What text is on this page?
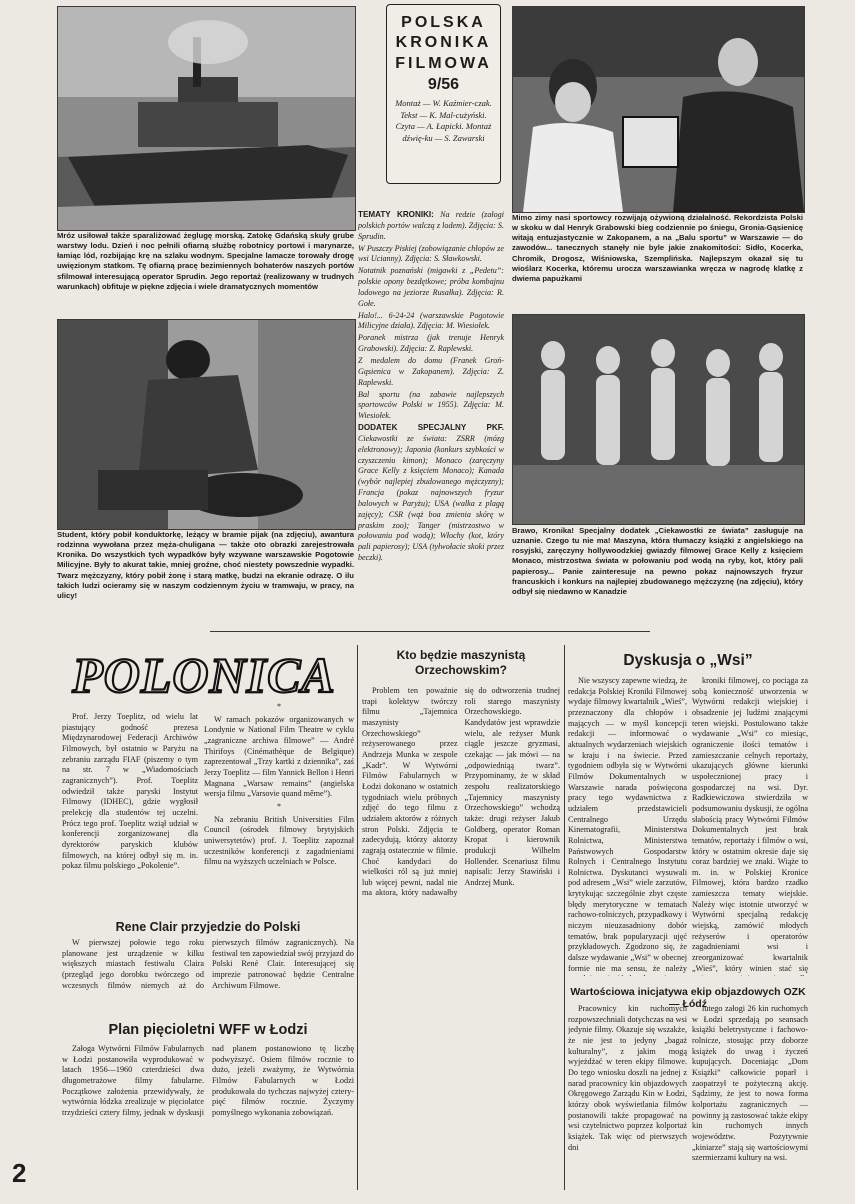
POLSKA
KRONIKA
FILMOWA
9/56
Montaż — W. Kaźmier-czak. Tekst — K. Mal-cużyński. Czyta — A. Łapicki. Montaż dźwię-ku — S. Zawarski
Mróz usiłował także sparaliżować żeglugę morską. Zatokę Gdańską skuły grube warstwy lodu. Dzień i noc pełnili ofiarną służbę robotnicy portowi i marynarze, łamiąc lód, rozbijając krę na szlaku wodnym. Specjalne lamacze torowały drogę uwięzionym statkom. Tę ofiarną pracę bezimiennych bohaterów naszych portów sfilmował interesującą operator Sprudin. Jego reportaż (realizowany w trudnych warunkach) obfituje w piękne zdjęcia i wiele dramatycznych momentów
Mimo zimy nasi sportowcy rozwijają ożywioną działalność. Rekordzista Polski w skoku w dal Henryk Grabowski bieg codziennie po śniegu, Gronia-Gąsienicę witają entuzjastycznie w Zakopanem, a na „Balu sportu” w Warszawie — do zawodów... tanecznych stanęły nie byle jakie znakomitości: Sidło, Kocerka, Chromik, Drogosz, Wiśniowska, Szemplińska. Najlepszym okazał się tu wioślarz Kocerka, któremu urocza warszawianka wręcza w nagrodę klatkę z dwiema papużkami
Student, który pobił konduktorkę, leżący w bramie pijak (na zdjęciu), awantura rodzinna wywołana przez męża-chuligana — także oto obrazki zarejestrowała Kronika. Do wszystkich tych wypadków były wzywane warszawskie Pogotowie Milicyjne. Były to akurat takie, mniej groźne, choć niestety powszednie wypadki. Twarz mężczyzny, który pobił żonę i starą matkę, budzi na ekranie odrazę. O ilu takich ludzi ocieramy się w naszym codziennym życiu w tramwaju, w pracy, na ulicy!
Brawo, Kronika! Specjalny dodatek „Ciekawostki ze świata” zasługuje na uznanie. Czego tu nie ma! Maszyna, która tłumaczy książki z angielskiego na rosyjski, zaręczyny hollywoodzkiej gwiazdy filmowej Grace Kelly z księciem Monaco, mistrzostwa świata w połowaniu pod wodą na ryby, kot, który pali papierosy... Panie zainteresuje na pewno pokaz najnowszych fryzur francuskich i konkurs na najlepiej zbudowanego mężczyznę (na zdjęciu), który odbył się niedawno w Kanadzie

TEMATY KRONIKI: Na redzie (załogi polskich portów walczą z lodem). Zdjęcia: S. Sprudin.

W Puszczy Piskiej (zobowiązanie chłopów ze wsi Ucianny). Zdjęcia: S. Sławkowski.

Notatnik poznański (migawki z „Pedetu”: polskie opony bezdętkowe; próba kombajnu lodowego na jeziorze Rusałka). Zdjęcia: R. Gołe.

Halo!... 6-24-24 (warszawskie Pogotowie Milicyjne działa). Zdjęcia: M. Wiesiołek.

Poranek mistrza (jak trenuje Henryk Grabowski). Zdjęcia: Z. Raplewski.

Z medalem do domu (Franek Groń-Gąsienica w Zakopanem). Zdjęcia: Z. Raplewski.

Bal sportu (na zabawie najlepszych sportowców Polski w 1955). Zdjęcia: M. Wiesiołek.

DODATEK SPECJALNY PKF. Ciekawostki ze świata: ZSRR (mózg elektronowy); Japonia (konkurs szybkości w czyszczeniu kimon); Monaco (zaręczyny Grace Kelly z księciem Monaco); Kanada (wybór najlepiej zbudowanego mężczyzny); Francja (pokaz najnowszych fryzur balowych w Paryżu); USA (walka z plagą zajęcy); CSR (wąż boa zmienia skórę w praskim zoo); Tanger (mistrzostwo w połowaniu pod wodą); Włochy (kot, który pali papierosy); USA (tyłwołacie skoki przez beczki).

POLONICA

Prof. Jerzy Toeplitz, od wielu lat piastujący godność prezesa Międzynarodowej Federacji Archiwów Filmowych, był ostatnio w Paryżu na zebraniu zarządu FIAF (piszemy o tym na str. 7 w „Wiadomościach zagranicznych”). Prof. Toeplitz odwiedził także paryski Instytut Filmowy (IDHEC), gdzie wygłosił prelekcję dla studentów tej uczelni. Prócz tego prof. Toeplitz wziął udział w konferencji zorganizowanej dla dyrektorów paryskich klubów filmowych, na której odbył się m. in. pokaz filmu polskiego „Pokolenie”.

*

W ramach pokazów organizowanych w Londynie w National Film Theatre w cyklu „zagraniczne archiwa filmowe” — André Thirifoys (Cinémathèque de Belgique) zaprezentował „Trzy kartki z dziennika”, zaś Jerzy Toeplitz — film Yannick Bellon i Henri Magnana „Warsaw remains” (angielska wersja filmu „Varsovie quand même”).

*

Na zebraniu British Universities Film Council (ośrodek filmowy brytyjskich uniwersytetów) prof. J. Toeplitz zapoznał uczestników konferencji z zagadnieniami filmu na wyższych uczelniach w Polsce.

Rene Clair przyjedzie do Polski

W pierwszej połowie tego roku planowane jest urządzenie w kilku większych miastach festiwalu Claira (przegląd jego dorobku twórczego od wczesnych filmów niemych aż do pierwszych filmów zagranicznych). Na festiwal ten zapowiedział swój przyjazd do Polski René Clair. Interesującej się imprezie patronować będzie Centralne Archiwum Filmowe.

Plan pięcioletni WFF w Łodzi

Załoga Wytwórni Filmów Fabularnych w Łodzi postanowiła wyprodukować w latach 1956—1960 czterdzieści dwa długometrażowe filmy fabularne. Początkowe założenia przewidywały, że wytwórnia łódzka zrealizuje w pięciolatce trzydzieści cztery filmy, jednak w dyskusji nad planem postanowiono tę liczbę podwyższyć. Osiem filmów rocznie to dużo, jeżeli zważymy, że Wytwórnia Filmów Fabularnych w Łodzi produkowała do tychczas najwyżej cztery-pięć filmów rocznie. Życzymy pomyślnego wykonania zobowiązań.

Kto będzie maszynistą
Orzechowskim?

Problem ten poważnie trapi kolektyw twórczy filmu „Tajemnica maszynisty Orzechowskiego” reżyserowanego przez Andrzeja Munka w zespole „Kadr”. W Wytwórni Filmów Fabularnych w Łodzi dokonano w ostatnich tygodniach wielu próbnych zdjęć do tego filmu z udziałem aktorów z różnych stron Polski. Zdjęcia te zadecydują, którzy aktorzy zagrają ostatecznie w filmie. Choć kandydaci do wielkości ról są już mniej lub więcej pewni, nadal nie ma aktora, który nadawałby się do odtworzenia trudnej roli starego maszynisty Orzechowskiego. Kandydatów jest wprawdzie wielu, ale reżyser Munk ciągle jeszcze gryzmasi, czekając — jak mówi — na „odpowiedniąą twarz”. Przypominamy, że w skład zespołu realizatorskiego „Tajemnicy maszynisty Orzechowskiego” wchodzą także: drugi reżyser Jakub Goldberg, operator Roman Kropat i kierownik produkcji Wilhelm Hollender. Scenariusz filmu napisali: Jerzy Stawiński i Andrzej Munk.

Dyskusja o „Wsi”

Nie wszyscy zapewne wiedzą, że redakcja Polskiej Kroniki Filmowej wydaje filmowy kwartalnik „Wieś”, przeznaczony dla chłopów i mających — w myśl koncepcji redakcji — informować o aktualnych wydarzeniach wiejskich w kraju i na świecie. Przed tygodniem odbyła się w Wytwórni Filmów Dokumentalnych w Warszawie narada poświęcona pracy tego wydawnictwa z udziałem przedstawicieli Centralnego Urzędu Kinematografii, Ministerstwa Rolnictwa, Ministerstwa Państwowych Gospodarstw Rolnych i Centralnego Instytutu Rolnictwa. Dyskutanci wysuwali pod adresem „Wsi” wiele zarzutów, krytykując szczególnie zbyt częste błędy merytoryczne w tematach rachowo-rolniczych, przypadkowy i niczym nieuzasadniony dobór tematów, brak popularyzacji ujęć przykładowych. Zgodzono się, że dalsze wydawanie „Wsi” w obecnej formie nie ma sensu, że należy

kroniki filmowej, co pociąga za sobą konieczność utworzenia w Wytwórni redakcji wiejskiej i obsadzenie jej ludźmi znającymi teren wiejski. Postulowano także wydawanie „Wsi” co miesiąc, ograniczenie ilości tematów i zamieszczanie celnych reportaży, ukazujących główne kierunki uspołecznionej pracy i gospodarczej na wsi. Dyr. Radkiewiczowa stwierdziła w podsumowaniu dyskusji, że ogólna słabością pracy Wytwórni Filmów Dokumentalnych jest brak tematów, reportaży i filmów o wsi, który w ostatnim okresie daje się coraz bardziej we znaki. Wiąże to m. in. w Polskiej Kronice Filmowej, która bardzo rzadko zamieszcza tematy wiejskie. Należy więc istotnie utworzyć w Wytwórni specjalną redakcję wiejską, zamówić młodych reżyserów i operatorów zagadnieniami wsi i zreorganizować kwartalnik „Wieś”, który winien stać się

Wartościowa inicjatywa ekip objazdowych OZK — Łódź

Pracownicy kin ruchomych rozpowszechniali dotychczas na wsi jedynie filmy. Okazuje się wszakże, że nie jest to jedyny „bagaż kulturalny”, z jakim mogą wyjeżdżać w teren ekipy filmowe. Do tego wniosku doszli na jednej z narad pracownicy kin objazdowych Okręgowego Zarządu Kin w Łodzi, którzy obok wyświetlania filmów postanowili także propagować na wsi czytelnictwo poprzez kolportaż książek. Tak więc od pierwszych dni

lutego załogi 26 kin ruchomych w Łodzi sprzedają po seansach książki beletrystyczne i fachowo-rolnicze, stosując przy doborze książek do uwag i życzeń kupujących. Doceniając „Dom Książki” całkowicie poparł i zaopatrzył te pożyteczną akcję. Sądzimy, że jest to nowa forma kolportażu zagranicznych — powinny ją zastosować także ekipy kin ruchomych innych województw. Pozytywnie „kiniarze” stają się wartościowymi szermierzami kultury na wsi.

2
